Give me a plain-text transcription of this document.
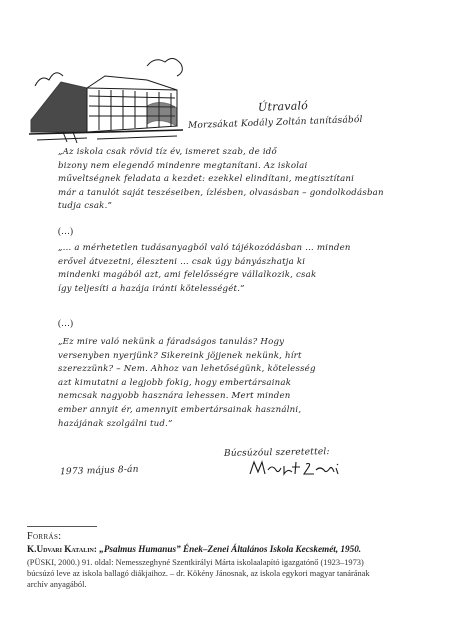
Útravaló
Morzsákat Kodály Zoltán tanításából
„Az iskola csak rövid tíz év, ismeret szab, de idő
bizony nem elegendő mindenre megtanítani. Az iskolai
műveltségnek feladata a kezdet: ezekkel elindítani, megtisztítani
már a tanulót saját teszéseiben, ízlésben, olvasásban – gondolkodásban
tudja csak.”
(…)
„… a mérhetetlen tudásanyagból való tájékozódásban … minden
erővel átvezetni, éleszteni … csak úgy bányászhatja ki
mindenki magából azt, ami felelősségre vállalkozik, csak
így teljesíti a hazája iránti kötelességét.”
(…)
„Ez mire való nekünk a fáradságos tanulás? Hogy
versenyben nyerjünk? Sikereink jöjjenek nekünk, hírt
szerezzünk? – Nem. Ahhoz van lehetőségünk, kötelesség
azt kimutatni a legjobb fokig, hogy embertársainak
nemcsak nagyobb hasznára lehessen. Mert minden
ember annyit ér, amennyit embertársainak használni,
hazájának szolgálni tud.”
Búcsúzóul szeretettel:
1973 május 8-án
Forrás:
K.Udvari Katalin: „Psalmus Humanus” Ének–Zenei Általános Iskola Kecskemét, 1950.
(PÜSKI, 2000.) 91. oldal: Nemesszeghyné Szentkirályi Márta iskolaalapító igazgatónő (1923–1973)
búcsúzó leve az iskola ballagó diákjaihoz. – dr. Kökény Jánosnak, az iskola egykori magyar tanárának
archív anyagából.
